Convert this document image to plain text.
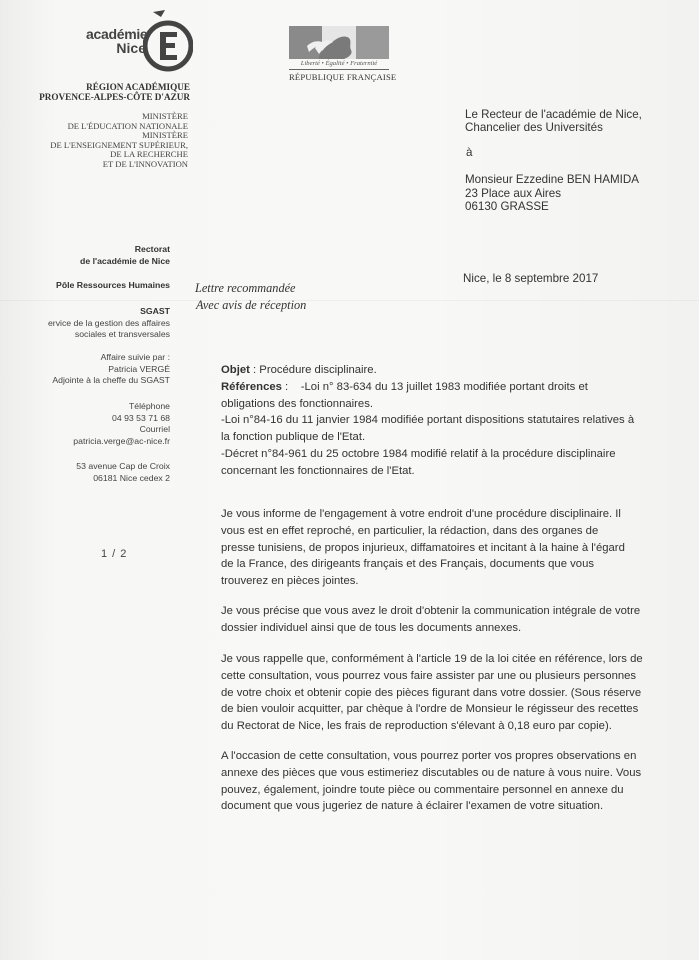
académie
Nice
RÉGION ACADÉMIQUE
PROVENCE-ALPES-CÔTE D'AZUR
MINISTÈRE
DE L'ÉDUCATION NATIONALE
MINISTÈRE
DE L'ENSEIGNEMENT SUPÉRIEUR,
DE LA RECHERCHE
ET DE L'INNOVATION
Liberté • Égalité • Fraternité
RÉPUBLIQUE FRANÇAISE
Le Recteur de l'académie de Nice,
Chancelier des Universités
à
Monsieur Ezzedine BEN HAMIDA
23 Place aux Aires
06130 GRASSE
Nice, le 8 septembre 2017
Rectorat
de l'académie de Nice
Pôle Ressources Humaines
SGAST
ervice de la gestion des affaires
sociales et transversales
Affaire suivie par :
Patricia VERGÉ
Adjointe à la cheffe du SGAST
Téléphone
04 93 53 71 68
Courriel
patricia.verge@ac-nice.fr
53 avenue Cap de Croix
06181 Nice cedex 2
1 / 2
Lettre recommandée
Avec avis de réception
Objet : Procédure disciplinaire.
Références :    -Loi n° 83-634 du 13 juillet 1983 modifiée portant droits et
obligations des fonctionnaires.
-Loi n°84-16 du 11 janvier 1984 modifiée portant dispositions statutaires relatives à
la fonction publique de l'Etat.
-Décret n°84-961 du 25 octobre 1984 modifié relatif à la procédure disciplinaire
concernant les fonctionnaires de l'Etat.
Je vous informe de l'engagement à votre endroit d'une procédure disciplinaire. Il
vous est en effet reproché, en particulier, la rédaction, dans des organes de
presse tunisiens, de propos injurieux, diffamatoires et incitant à la haine à l'égard
de la France, des dirigeants français et des Français, documents que vous
trouverez en pièces jointes.
Je vous précise que vous avez le droit d'obtenir la communication intégrale de votre
dossier individuel ainsi que de tous les documents annexes.
Je vous rappelle que, conformément à l'article 19 de la loi citée en référence, lors de
cette consultation, vous pourrez vous faire assister par une ou plusieurs personnes
de votre choix et obtenir copie des pièces figurant dans votre dossier. (Sous réserve
de bien vouloir acquitter, par chèque à l'ordre de Monsieur le régisseur des recettes
du Rectorat de Nice, les frais de reproduction s'élevant à 0,18 euro par copie).
A l'occasion de cette consultation, vous pourrez porter vos propres observations en
annexe des pièces que vous estimeriez discutables ou de nature à vous nuire. Vous
pouvez, également, joindre toute pièce ou commentaire personnel en annexe du
document que vous jugeriez de nature à éclairer l'examen de votre situation.
